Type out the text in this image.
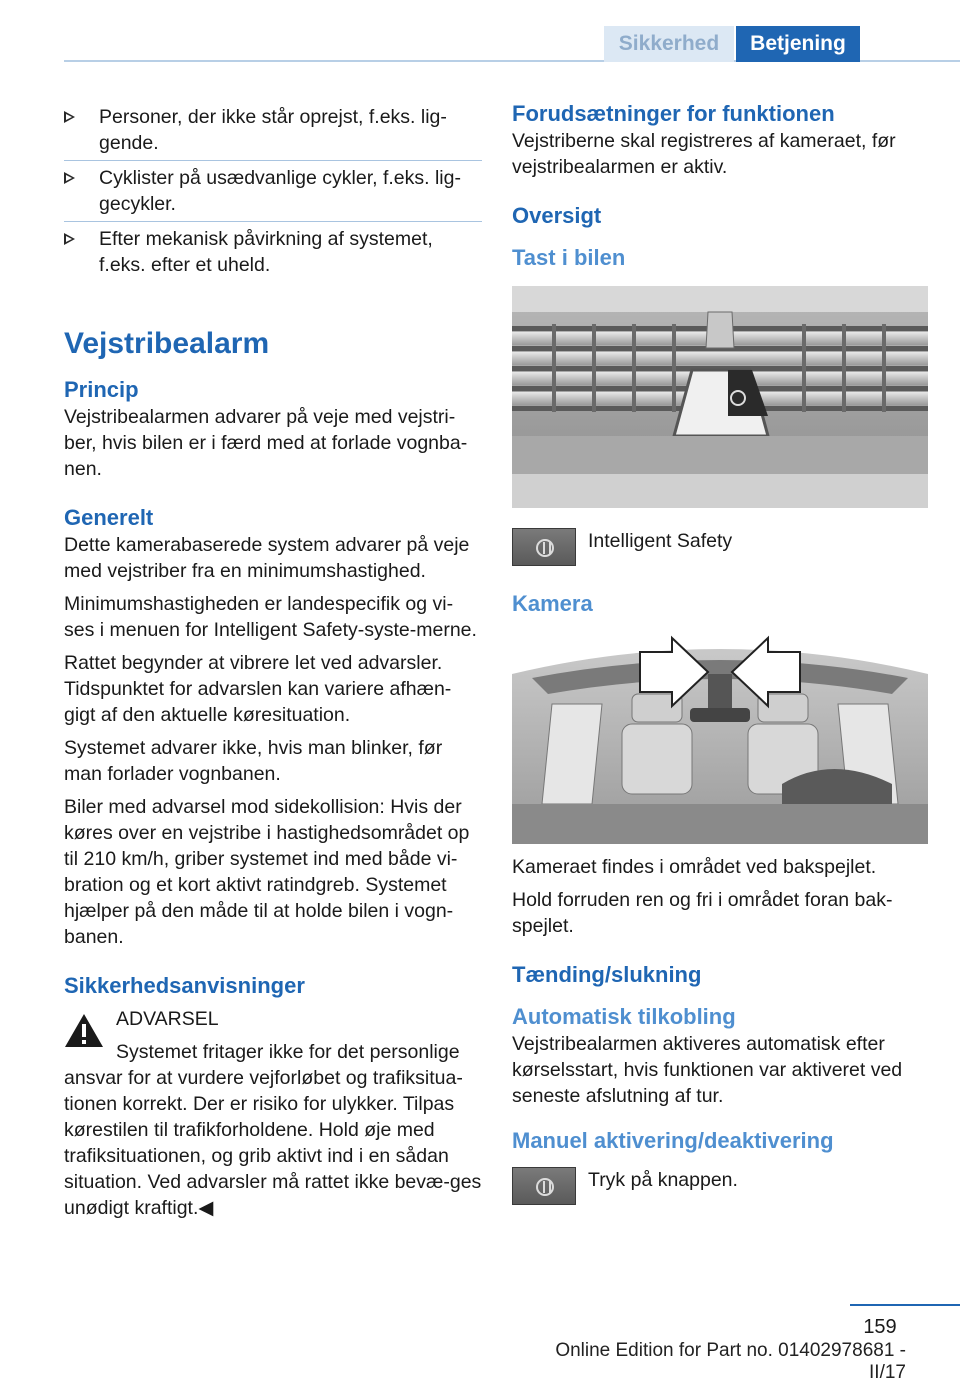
Sikkerhed	Betjening
Personer, der ikke står oprejst, f.eks. lig-gende.
Cyklister på usædvanlige cykler, f.eks. lig-gecykler.
Efter mekanisk påvirkning af systemet, f.eks. efter et uheld.
Vejstribealarm
Princip
Vejstribealarmen advarer på veje med vejstri-ber, hvis bilen er i færd med at forlade vognba-nen.
Generelt
Dette kamerabaserede system advarer på veje med vejstriber fra en minimumshastighed.
Minimumshastigheden er landespecifik og vi-ses i menuen for Intelligent Safety-syste-merne.
Rattet begynder at vibrere let ved advarsler. Tidspunktet for advarslen kan variere afhæn-gigt af den aktuelle køresituation.
Systemet advarer ikke, hvis man blinker, før man forlader vognbanen.
Biler med advarsel mod sidekollision: Hvis der køres over en vejstribe i hastighedsområdet op til 210 km/h, griber systemet ind med både vi-bration og et kort aktivt ratindgreb. Systemet hjælper på den måde til at holde bilen i vogn-banen.
Sikkerhedsanvisninger
ADVARSEL
Systemet fritager ikke for det personlige ansvar for at vurdere vejforløbet og trafiksitua-tionen korrekt. Der er risiko for ulykker. Tilpas kørestilen til trafikforholdene. Hold øje med trafiksituationen, og grib aktivt ind i en sådan situation. Ved advarsler må rattet ikke bevæ-ges unødigt kraftigt.◀
Forudsætninger for funktionen
Vejstriberne skal registreres af kameraet, før vejstribealarmen er aktiv.
Oversigt
Tast i bilen
Intelligent Safety
Kamera
Kameraet findes i området ved bakspejlet.
Hold forruden ren og fri i området foran bak-spejlet.
Tænding/slukning
Automatisk tilkobling
Vejstribealarmen aktiveres automatisk efter kørselsstart, hvis funktionen var aktiveret ved seneste afslutning af tur.
Manuel aktivering/deaktivering
Tryk på knappen.
159
Online Edition for Part no. 01402978681 - II/17
